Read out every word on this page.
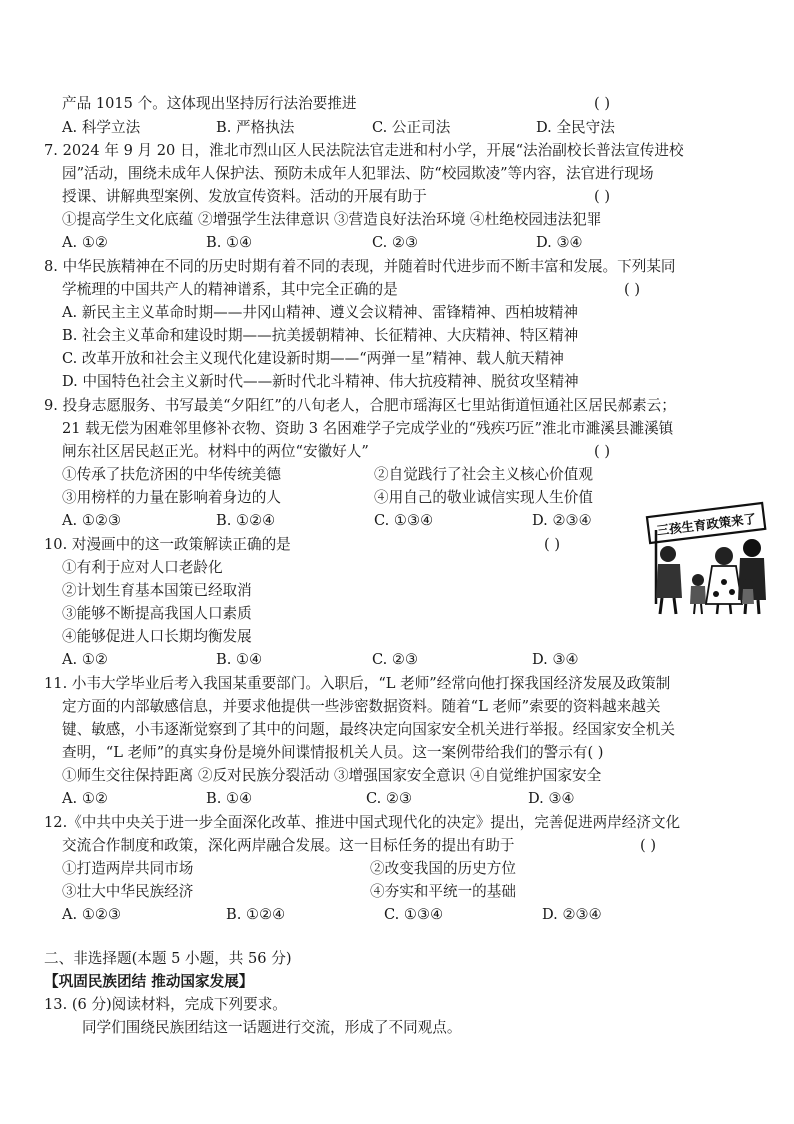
产品 1015 个。这体现出坚持厉行法治要推进	( )
A. 科学立法	B. 严格执法	C. 公正司法	D. 全民守法
7. 2024 年 9 月 20 日，淮北市烈山区人民法院法官走进和村小学，开展“法治副校长普法宣传进校
园”活动，围绕未成年人保护法、预防未成年人犯罪法、防“校园欺凌”等内容，法官进行现场
授课、讲解典型案例、发放宣传资料。活动的开展有助于	( )
①提高学生文化底蕴 ②增强学生法律意识 ③营造良好法治环境 ④杜绝校园违法犯罪
A. ①②	B. ①④	C. ②③	D. ③④
8. 中华民族精神在不同的历史时期有着不同的表现，并随着时代进步而不断丰富和发展。下列某同
学梳理的中国共产人的精神谱系，其中完全正确的是	( )
A. 新民主主义革命时期——井冈山精神、遵义会议精神、雷锋精神、西柏坡精神
B. 社会主义革命和建设时期——抗美援朝精神、长征精神、大庆精神、特区精神
C. 改革开放和社会主义现代化建设新时期——“两弹一星”精神、载人航天精神
D. 中国特色社会主义新时代——新时代北斗精神、伟大抗疫精神、脱贫攻坚精神
9. 投身志愿服务、书写最美“夕阳红”的八旬老人，合肥市瑶海区七里站街道恒通社区居民郝素云；
21 载无偿为困难邻里修补衣物、资助 3 名困难学子完成学业的“残疾巧匠”淮北市濉溪县濉溪镇
闸东社区居民赵正光。材料中的两位“安徽好人”	( )
①传承了扶危济困的中华传统美德	②自觉践行了社会主义核心价值观
③用榜样的力量在影响着身边的人	④用自己的敬业诚信实现人生价值
A. ①②③	B. ①②④	C. ①③④	D. ②③④
10. 对漫画中的这一政策解读正确的是	( )
①有利于应对人口老龄化
②计划生育基本国策已经取消
③能够不断提高我国人口素质
④能够促进人口长期均衡发展
A. ①②	B. ①④	C. ②③	D. ③④
三孩生育政策来了
11. 小韦大学毕业后考入我国某重要部门。入职后，“L 老师”经常向他打探我国经济发展及政策制
定方面的内部敏感信息，并要求他提供一些涉密数据资料。随着“L 老师”索要的资料越来越关
键、敏感，小韦逐渐觉察到了其中的问题，最终决定向国家安全机关进行举报。经国家安全机关
查明，“L 老师”的真实身份是境外间谍情报机关人员。这一案例带给我们的警示有( )
①师生交往保持距离 ②反对民族分裂活动 ③增强国家安全意识 ④自觉维护国家安全
A. ①②	B. ①④	C. ②③	D. ③④
12.《中共中央关于进一步全面深化改革、推进中国式现代化的决定》提出，完善促进两岸经济文化
交流合作制度和政策，深化两岸融合发展。这一目标任务的提出有助于	( )
①打造两岸共同市场	②改变我国的历史方位
③壮大中华民族经济	④夯实和平统一的基础
A. ①②③	B. ①②④	C. ①③④	D. ②③④
二、非选择题(本题 5 小题，共 56 分)
【巩固民族团结 推动国家发展】
13. (6 分)阅读材料，完成下列要求。
同学们围绕民族团结这一话题进行交流，形成了不同观点。
